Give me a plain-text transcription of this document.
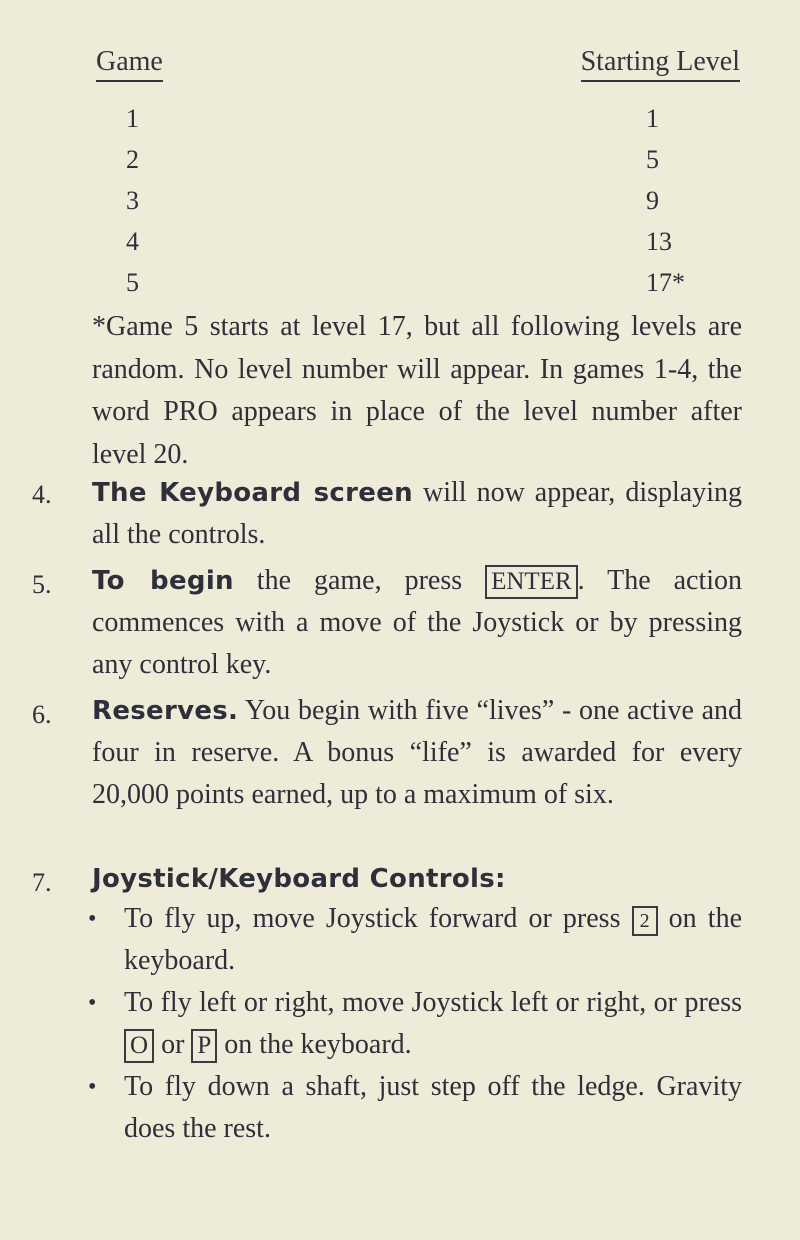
Game	Starting Level
1	1
2	5
3	9
4	13
5	17*
*Game 5 starts at level 17, but all following levels are random. No level number will appear. In games 1-4, the word PRO appears in place of the level number after level 20.
4. The Keyboard screen will now appear, displaying all the controls.
5. To begin the game, press ENTER . The action commences with a move of the Joystick or by pressing any control key.
6. Reserves. You begin with five “lives” - one active and four in reserve. A bonus “life” is awarded for every 20,000 points earned, up to a maximum of six.
7. Joystick/Keyboard Controls:
• To fly up, move Joystick forward or press 2 on the keyboard.
• To fly left or right, move Joystick left or right, or press O or P on the keyboard.
• To fly down a shaft, just step off the ledge. Gravity does the rest.
